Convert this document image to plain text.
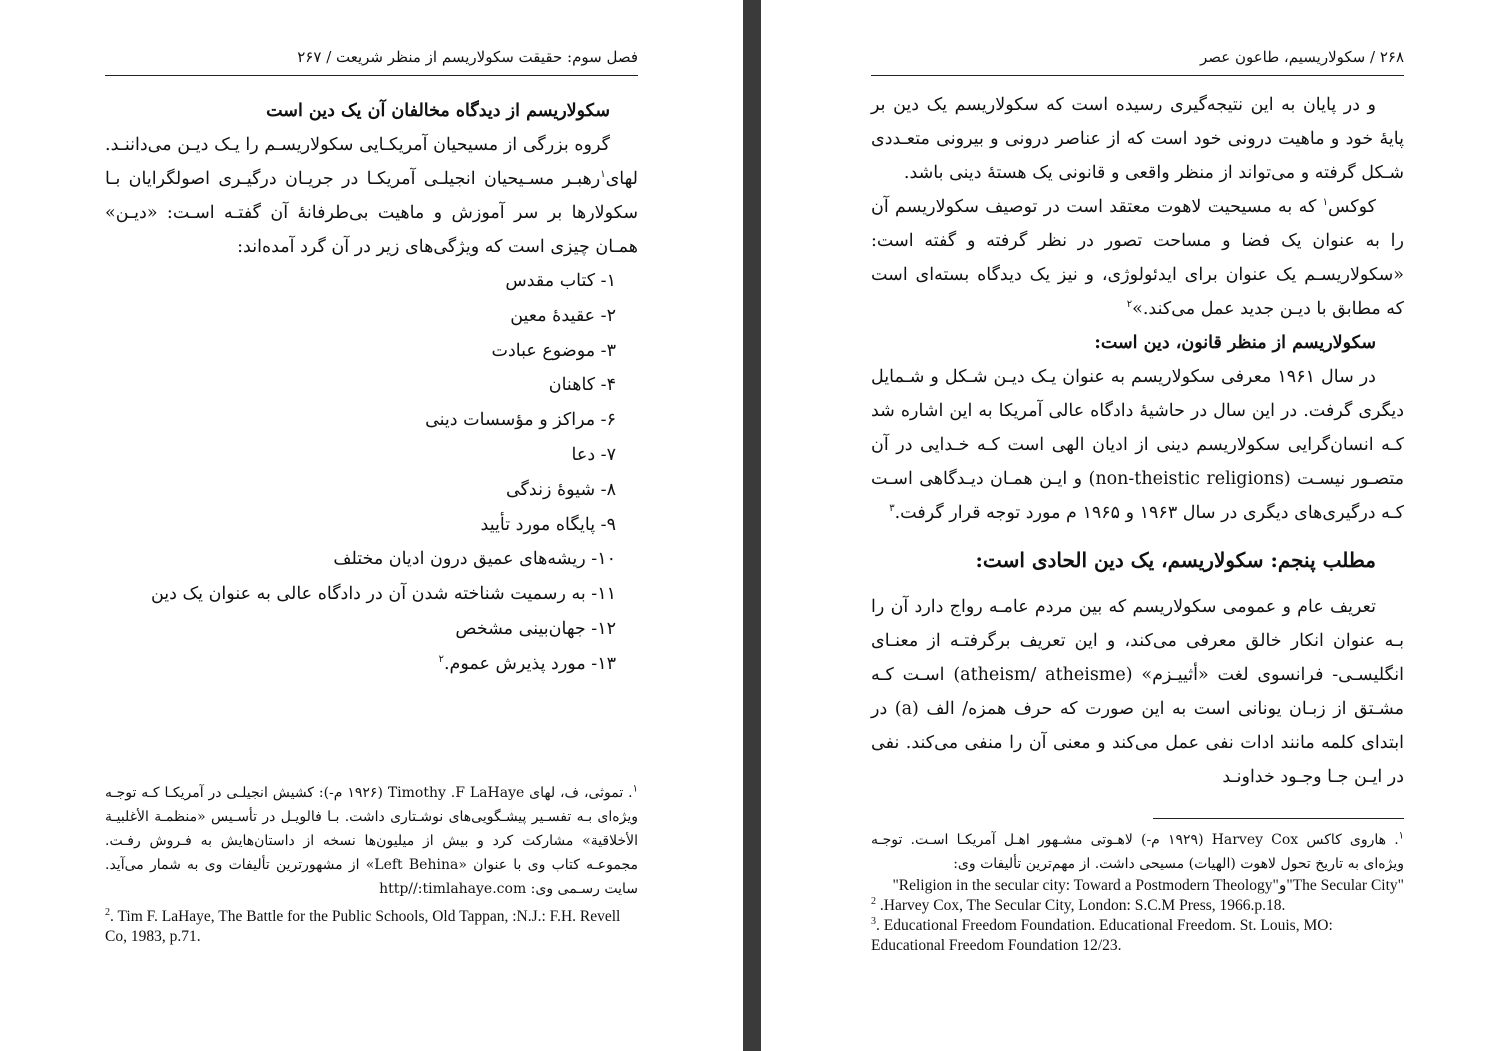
فصل سوم: حقیقت سکولاریسم از منظر شریعت / ۲۶۷

سکولاریسم از دیدگاه مخالفان آن یک دین است

گروه بزرگی از مسیحیان آمریکـایی سکولاریسـم را یـک دیـن می‌داننـد. لهای$^۱$رهبـر مسـیحیان انجیلـی آمریکـا در جریـان درگیـری اصولگرایان بـا سکولارها بر سر آموزش و ماهیت بی‌طرفانۀ آن گفتـه اسـت: «دیـن» همـان چیزی است که ویژگی‌های زیر در آن گرد آمده‌اند:

۱- کتاب مقدس
۲- عقیدۀ معین
۳- موضوع عبادت
۴- کاهنان
۶- مراکز و مؤسسات دینی
۷- دعا
۸- شیوۀ زندگی
۹- پایگاه مورد تأیید
۱۰- ریشه‌های عمیق درون ادیان مختلف
۱۱- به رسمیت شناخته شدن آن در دادگاه عالی به عنوان یک دین
۱۲- جهان‌بینی مشخص
۱۳- مورد پذیرش عموم.$^۲$

$^۱$. تموثی، ف، لهای Timothy .F LaHaye (۱۹۲۶ م-): کشیش انجیلـی در آمریکـا کـه توجـه ویژه‌ای بـه تفسـیر پیشـگویی‌های نوشـتاری داشت. بـا فالویـل در تأسـیس «منظمـة الأغلبیـة الأخلاقیة» مشارکت کرد و بیش از میلیون‌ها نسخه از داستان‌هایش به فـروش رفـت. مجموعـه کتاب وی با عنوان «Left Behina» از مشهورترین تألیفات وی به شمار می‌آید. سایت رسـمی وی: http//:timlahaye.com

$^2$. Tim F. LaHaye, The Battle for the Public Schools, Old Tappan, :N.J.: F.H. Revell Co, 1983, p.71.

۲۶۸ / سکولاریسیم، طاعون عصر

و در پایان به این نتیجه‌گیری رسیده است که سکولاریسم یک دین بر پایۀ خود و ماهیت درونی خود است که از عناصر درونی و بیرونی متعـددی شـکل گرفته و می‌تواند از منظر واقعی و قانونی یک هستۀ دینی باشد.

کوکس$^۱$ که به مسیحیت لاهوت معتقد است در توصیف سکولاریسم آن را به عنوان یک فضا و مساحت تصور در نظر گرفته و گفته است: «سکولاریسـم یک عنوان برای ایدئولوژی، و نیز یک دیدگاه بسته‌ای است که مطابق با دیـن جدید عمل می‌کند.»$^۲$

سکولاریسم از منظر قانون، دین است:

در سال ۱۹۶۱ معرفی سکولاریسم به عنوان یـک دیـن شـکل و شـمایل دیگری گرفت. در این سال در حاشیۀ دادگاه عالی آمریکا به این اشاره شد کـه انسان‌گرایی سکولاریسم دینی از ادیان الهی است کـه خـدایی در آن متصـور نیسـت (non-theistic religions) و ایـن همـان دیـدگاهی اسـت کـه درگیری‌های دیگری در سال ۱۹۶۳ و ۱۹۶۵ م مورد توجه قرار گرفت.$^۳$

مطلب پنجم: سکولاریسم، یک دین الحادی است:

تعریف عام و عمومی سکولاریسم که بین مردم عامـه رواج دارد آن را بـه عنوان انکار خالق معرفی می‌کند، و این تعریف برگرفتـه از معنـای انگلیسـی- فرانسوی لغت «أثییـزم» (atheism/ atheisme) اسـت کـه مشـتق از زبـان یونانی است به این صورت که حرف همزه/ الف (a) در ابتدای کلمه مانند ادات نفی عمل می‌کند و معنی آن را منفی می‌کند. نفی در ایـن جـا وجـود خداونـد

$^۱$. هاروی کاکس Harvey Cox (۱۹۲۹ م-) لاهـوتی مشـهور اهـل آمریکـا اسـت. توجـه ویژه‌ای به تاریخ تحول لاهوت (الهیات) مسیحی داشت. از مهم‌ترین تألیفات وی:

"Religion in the secular city: Toward a Postmodern Theology"و"The Secular City"

$^2$ .Harvey Cox, The Secular City, London: S.C.M Press, 1966.p.18.

$^3$. Educational Freedom Foundation. Educational Freedom. St. Louis, MO: Educational Freedom Foundation 12/23.
